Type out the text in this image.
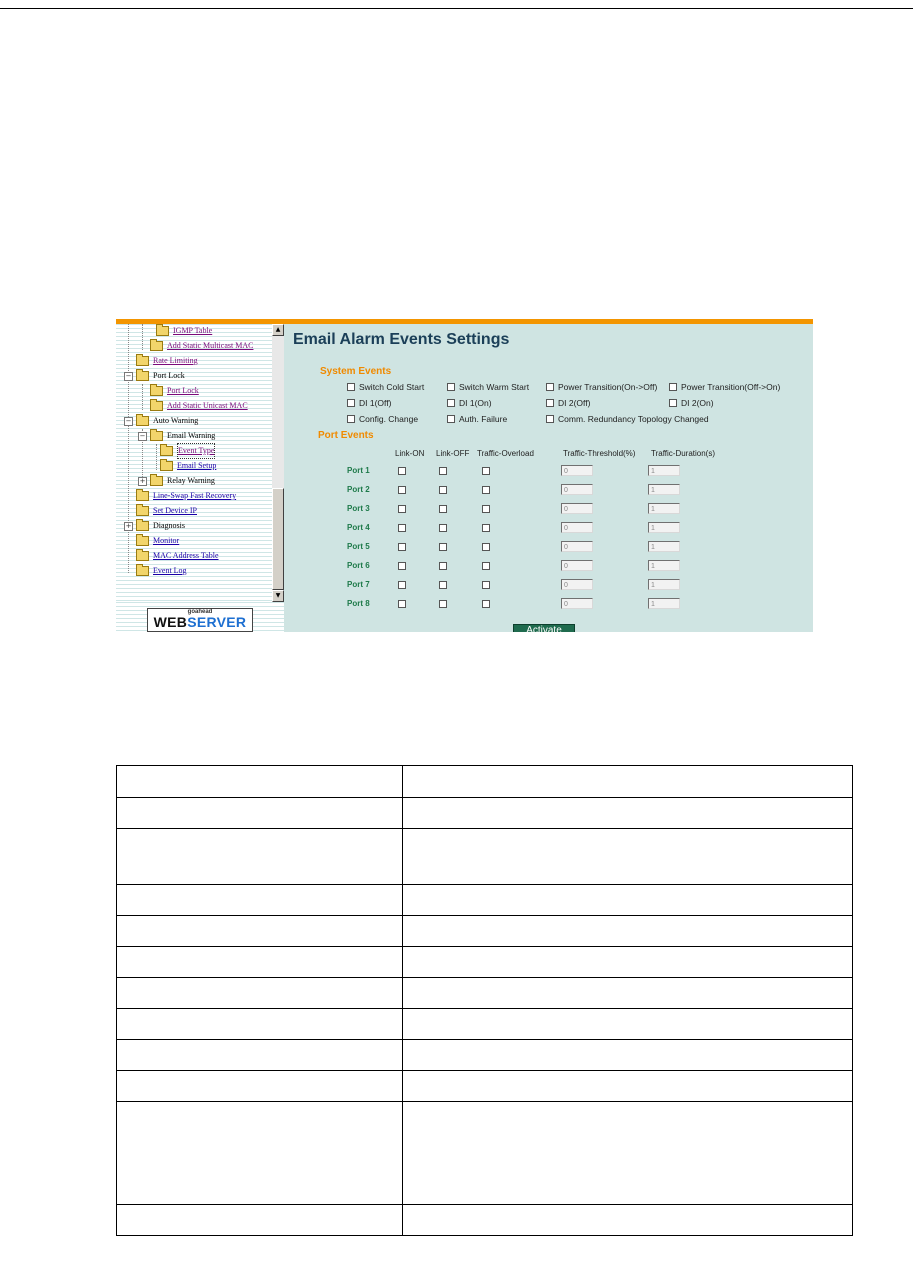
IGMP Table
Add Static Multicast MAC
Rate Limiting
−	Port Lock
Port Lock
Add Static Unicast MAC
−	Auto Warning
−	Email Warning
Event Type
Email Setup
+	Relay Warning
Line-Swap Fast Recovery
Set Device IP
+	Diagnosis
Monitor
MAC Address Table
Event Log
▲
▼
goahead
WEBSERVER
Email Alarm Events Settings
System Events
Switch Cold Start	Switch Warm Start	Power Transition(On->Off)	Power Transition(Off->On)
DI 1(Off)	DI 1(On)	DI 2(Off)	DI 2(On)
Config. Change	Auth. Failure	Comm. Redundancy Topology Changed
Port Events
Link-ON Link-OFF Traffic-Overload	Traffic-Threshold(%) Traffic-Duration(s)
Port 1	0	1
Port 2	0	1
Port 3	0	1
Port 4	0	1
Port 5	0	1
Port 6	0	1
Port 7	0	1
Port 8	0	1
Activate
